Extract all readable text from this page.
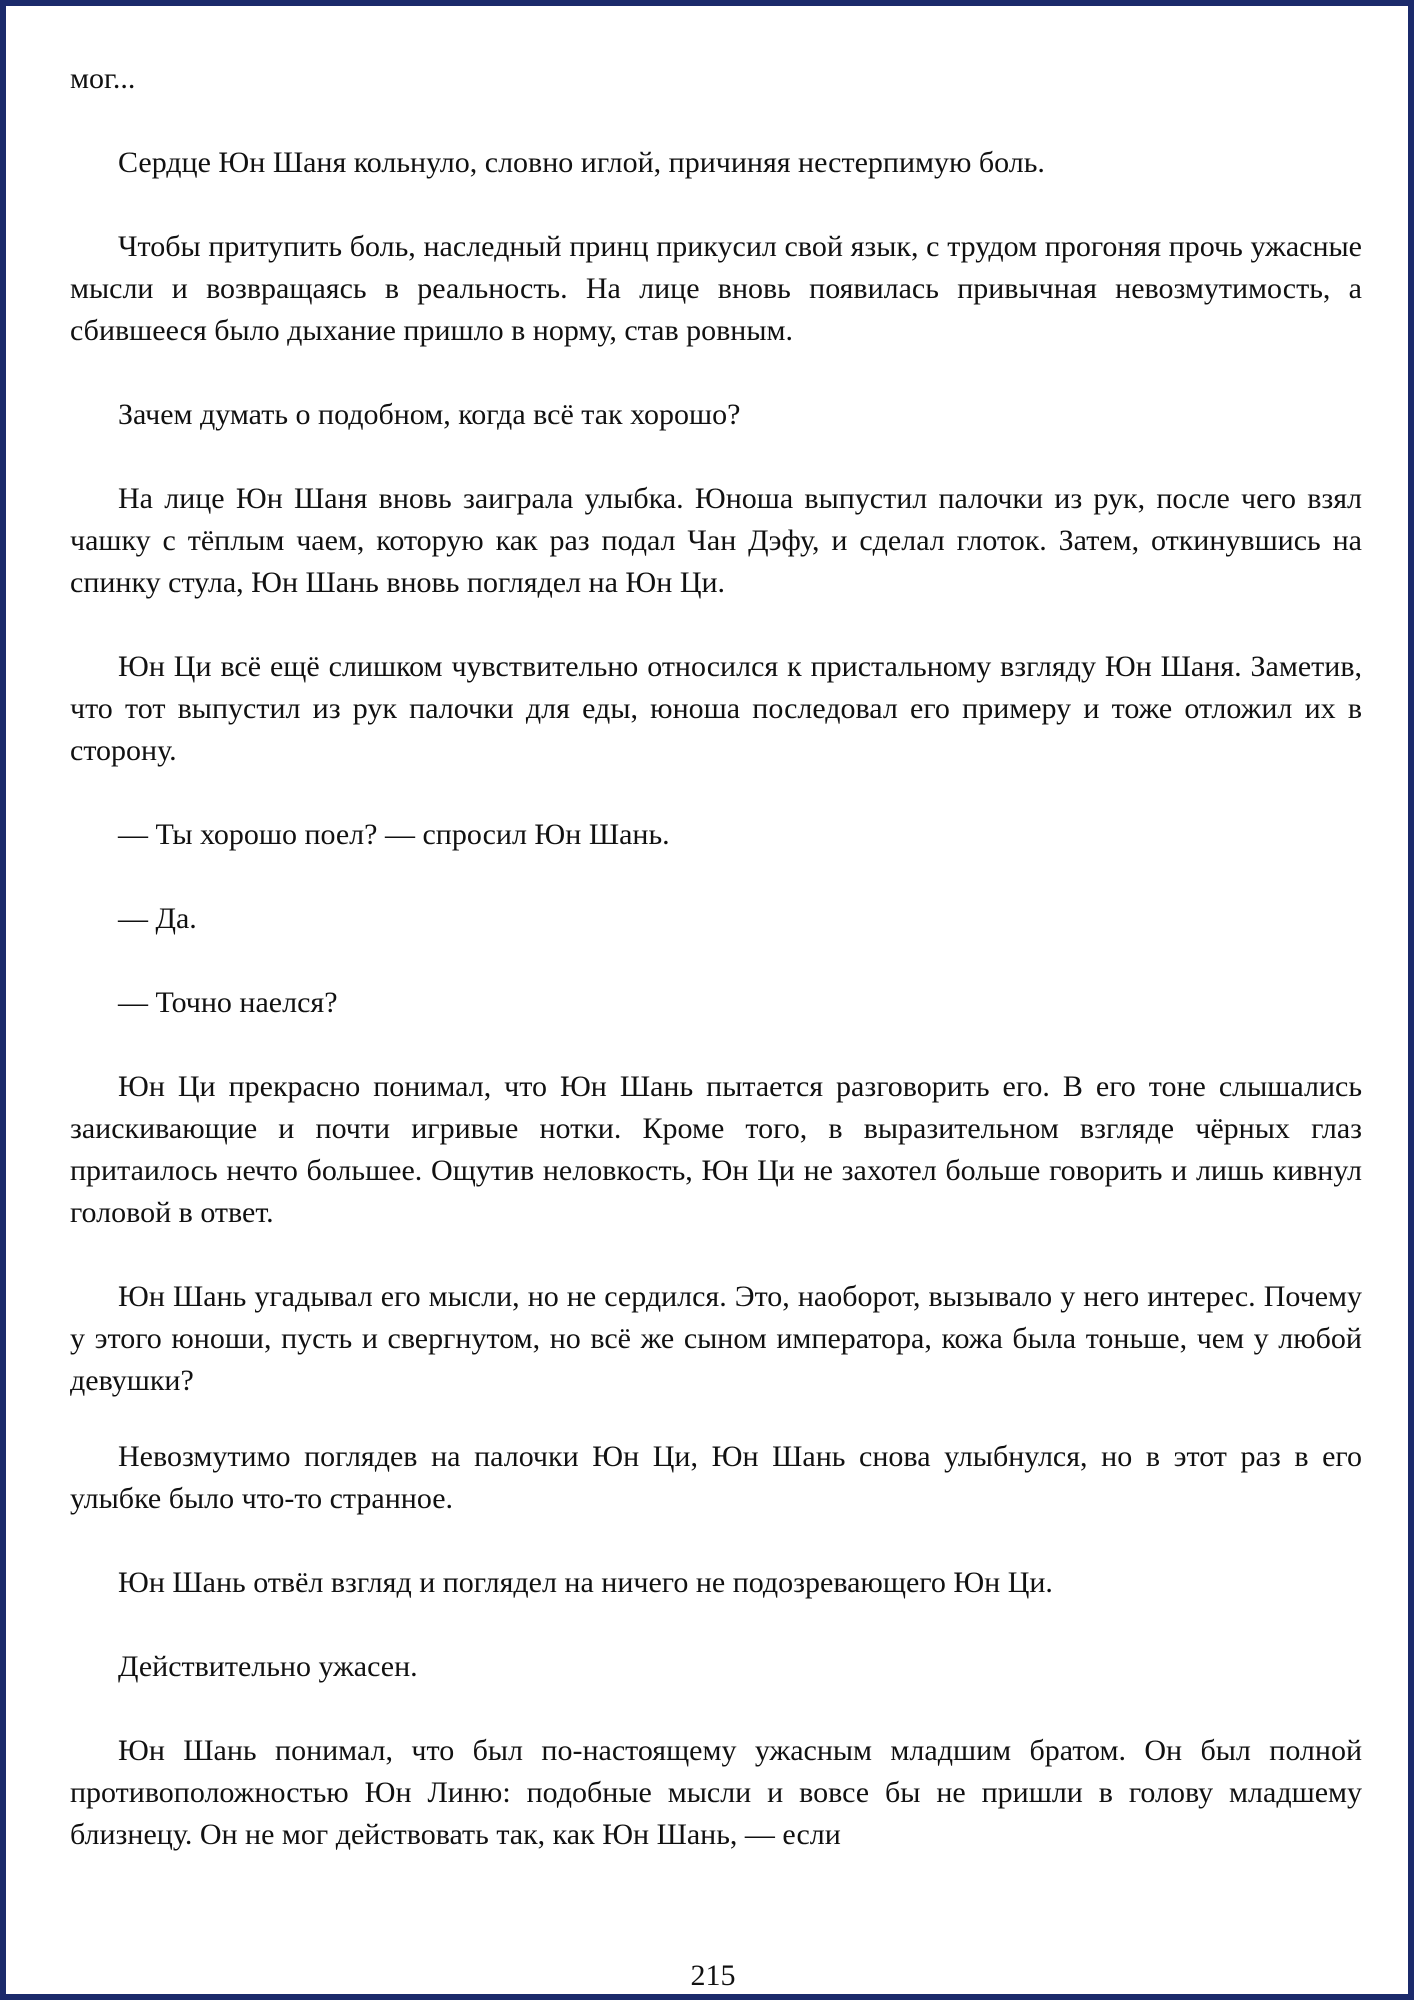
мог...

Сердце Юн Шаня кольнуло, словно иглой, причиняя нестерпимую боль.

Чтобы притупить боль, наследный принц прикусил свой язык, с трудом прогоняя прочь ужасные мысли и возвращаясь в реальность. На лице вновь появилась привычная невозмутимость, а сбившееся было дыхание пришло в норму, став ровным.

Зачем думать о подобном, когда всё так хорошо?

На лице Юн Шаня вновь заиграла улыбка. Юноша выпустил палочки из рук, после чего взял чашку с тёплым чаем, которую как раз подал Чан Дэфу, и сделал глоток. Затем, откинувшись на спинку стула, Юн Шань вновь поглядел на Юн Ци.

Юн Ци всё ещё слишком чувствительно относился к пристальному взгляду Юн Шаня. Заметив, что тот выпустил из рук палочки для еды, юноша последовал его примеру и тоже отложил их в сторону.

— Ты хорошо поел? — спросил Юн Шань.

— Да.

— Точно наелся?

Юн Ци прекрасно понимал, что Юн Шань пытается разговорить его. В его тоне слышались заискивающие и почти игривые нотки. Кроме того, в выразительном взгляде чёрных глаз притаилось нечто большее. Ощутив неловкость, Юн Ци не захотел больше говорить и лишь кивнул головой в ответ.

Юн Шань угадывал его мысли, но не сердился. Это, наоборот, вызывало у него интерес. Почему у этого юноши, пусть и свергнутом, но всё же сыном императора, кожа была тоньше, чем у любой девушки?

Невозмутимо поглядев на палочки Юн Ци, Юн Шань снова улыбнулся, но в этот раз в его улыбке было что-то странное.

Юн Шань отвёл взгляд и поглядел на ничего не подозревающего Юн Ци.

Действительно ужасен.

Юн Шань понимал, что был по-настоящему ужасным младшим братом. Он был полной противоположностью Юн Линю: подобные мысли и вовсе бы не пришли в голову младшему близнецу. Он не мог действовать так, как Юн Шань, — если

215
